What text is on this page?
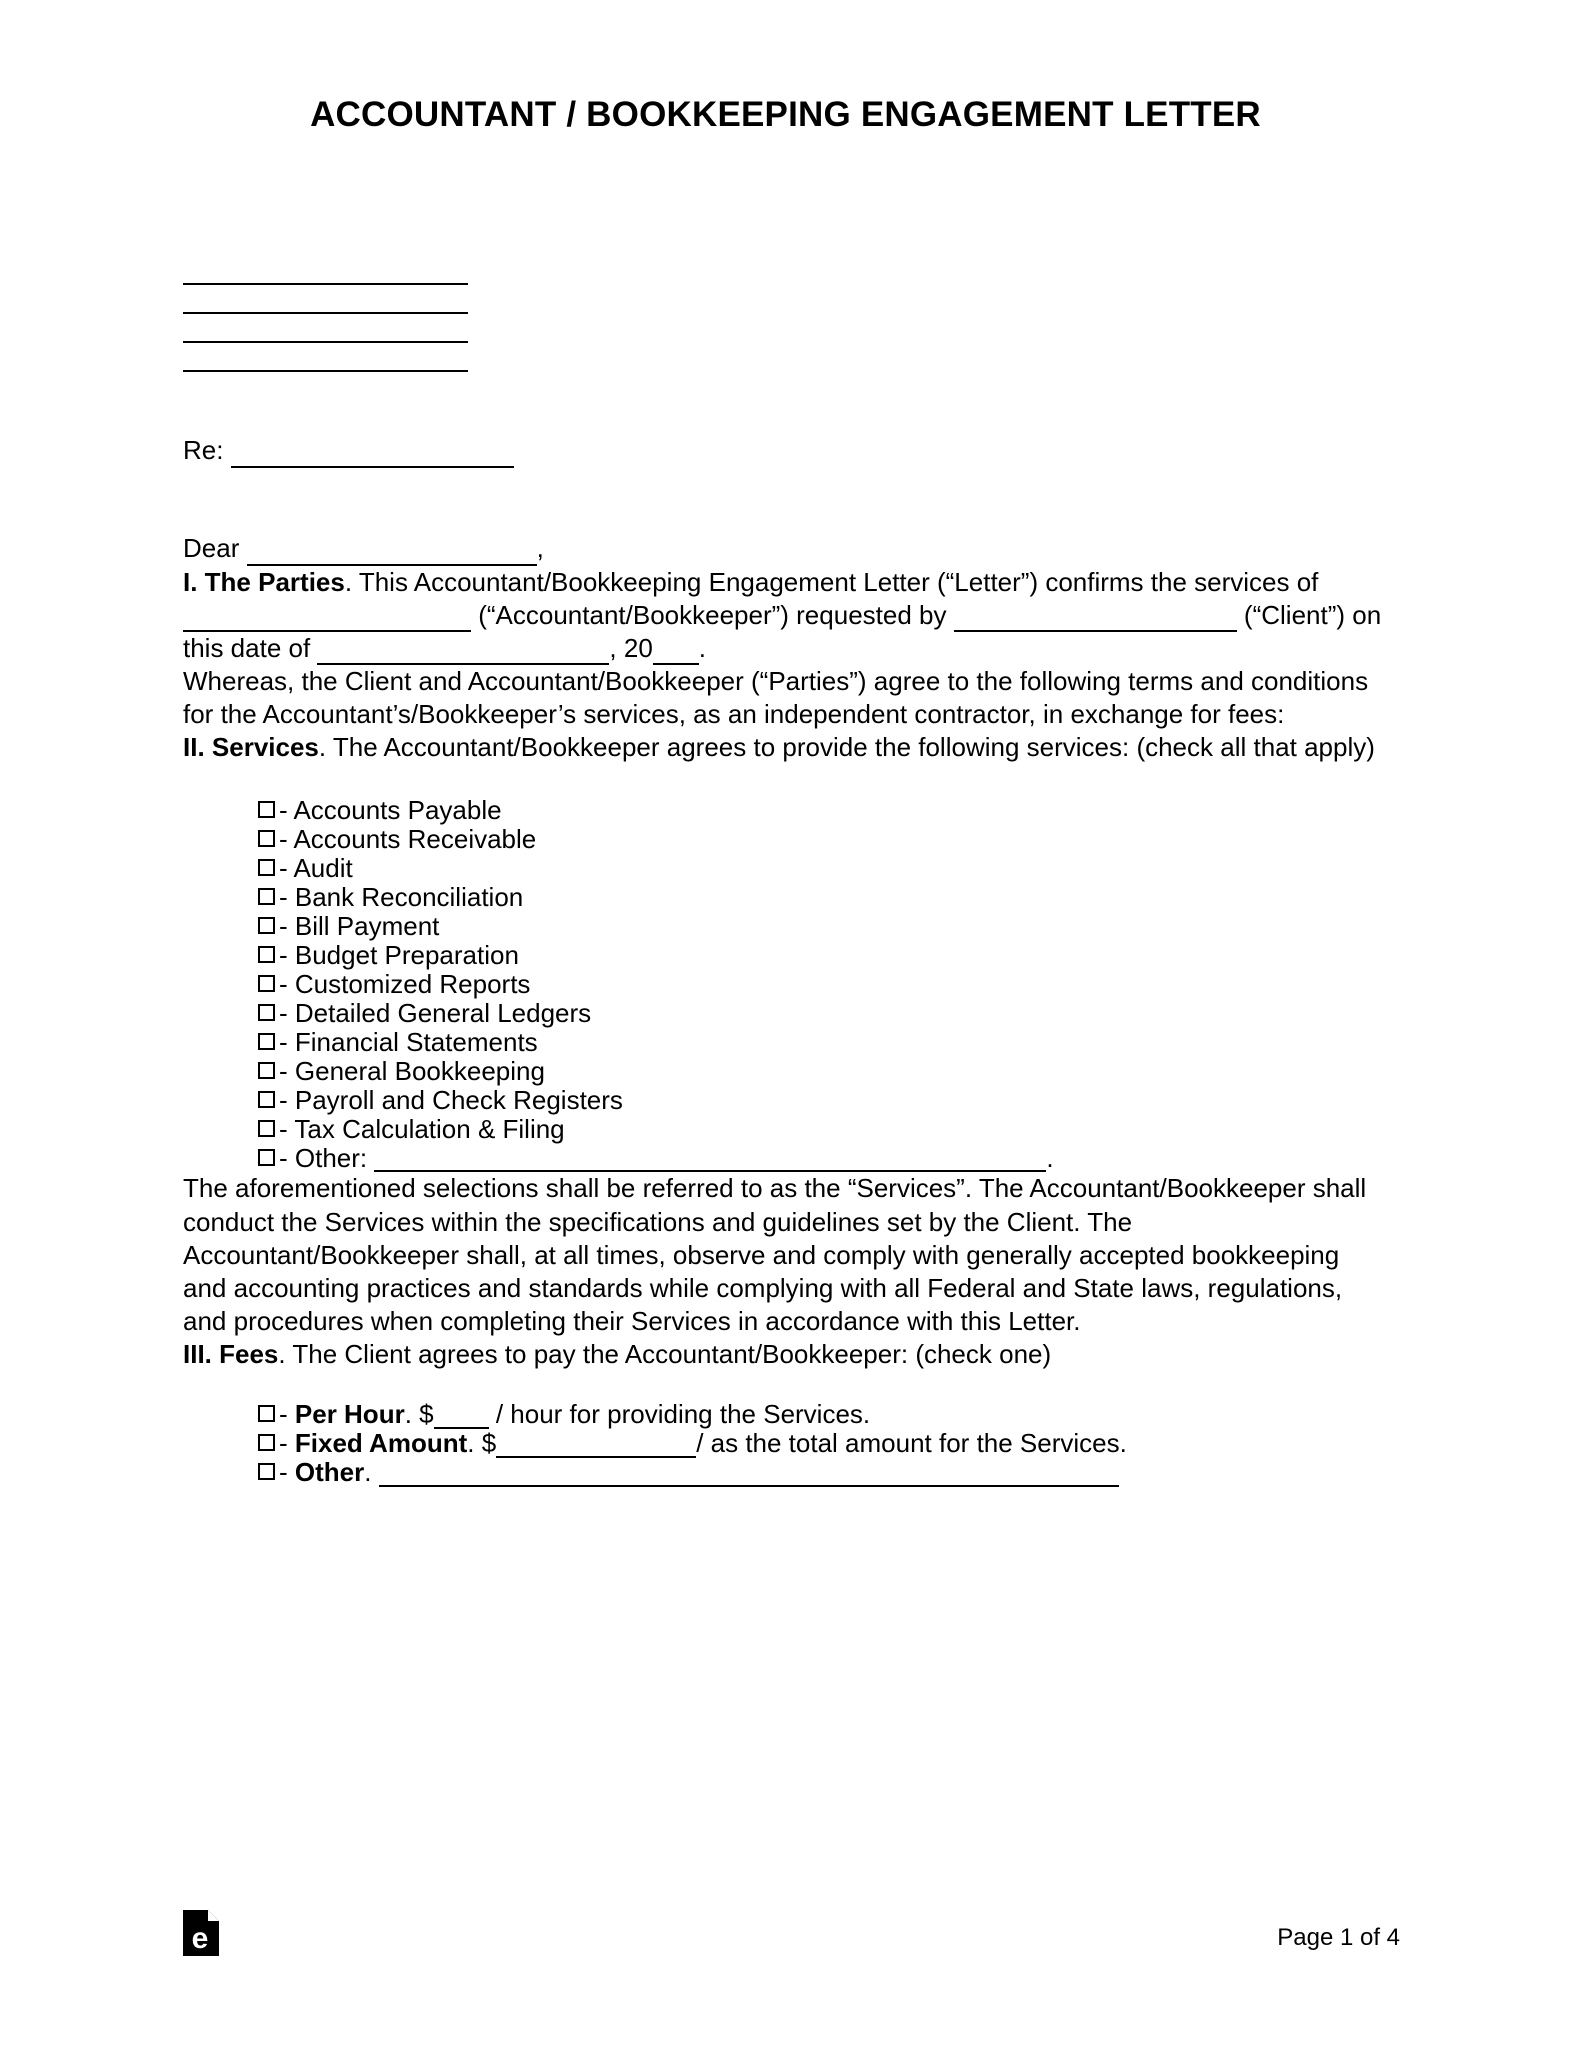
ACCOUNTANT / BOOKKEEPING ENGAGEMENT LETTER
Re:
Dear	,

I. The Parties. This Accountant/Bookkeeping Engagement Letter (“Letter”) confirms the services of  (“Accountant/Bookkeeper”) requested by	(“Client”) on this date of	, 20 .

Whereas, the Client and Accountant/Bookkeeper (“Parties”) agree to the following terms and conditions for the Accountant’s/Bookkeeper’s services, as an independent contractor, in exchange for fees:

II. Services. The Accountant/Bookkeeper agrees to provide the following services: (check all that apply)

- Accounts Payable
- Accounts Receivable
- Audit
- Bank Reconciliation
- Bill Payment
- Budget Preparation
- Customized Reports
- Detailed General Ledgers
- Financial Statements
- General Bookkeeping
- Payroll and Check Registers
- Tax Calculation & Filing
- Other:	.

The aforementioned selections shall be referred to as the “Services”. The Accountant/Bookkeeper shall conduct the Services within the specifications and guidelines set by the Client. The Accountant/Bookkeeper shall, at all times, observe and comply with generally accepted bookkeeping and accounting practices and standards while complying with all Federal and State laws, regulations, and procedures when completing their Services in accordance with this Letter.

III. Fees. The Client agrees to pay the Accountant/Bookkeeper: (check one)

- Per Hour. $ / hour for providing the Services.
- Fixed Amount. $	/ as the total amount for the Services.
- Other.
e	Page 1 of 4
